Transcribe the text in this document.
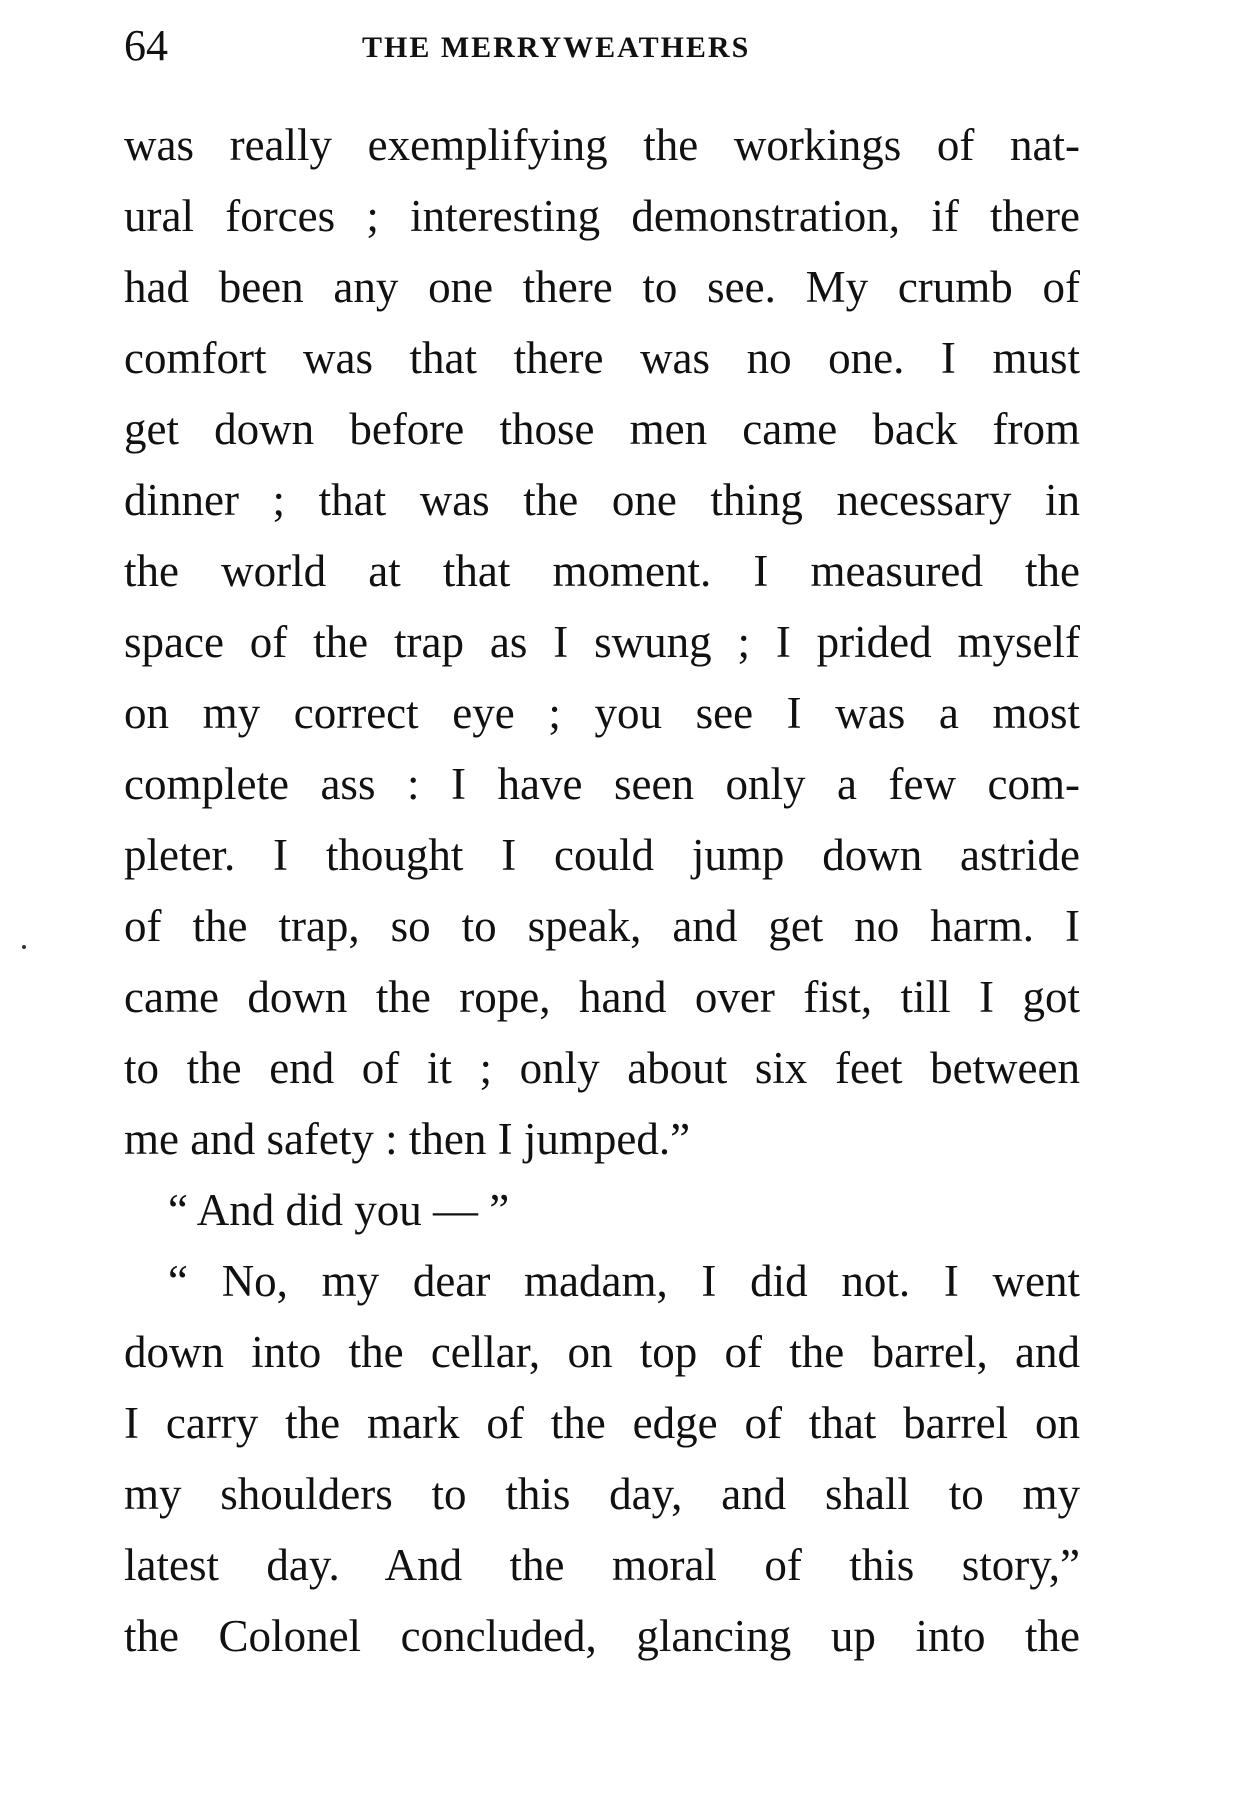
64	THE MERRYWEATHERS
was really exemplifying the workings of nat-
ural forces ; interesting demonstration, if there
had been any one there to see. My crumb of
comfort was that there was no one. I must
get down before those men came back from
dinner ; that was the one thing necessary in
the world at that moment. I measured the
space of the trap as I swung ; I prided myself
on my correct eye ; you see I was a most
complete ass : I have seen only a few com-
pleter. I thought I could jump down astride
of the trap, so to speak, and get no harm. I
came down the rope, hand over fist, till I got
to the end of it ; only about six feet between
me and safety : then I jumped.”
“ And did you — ”
“ No, my dear madam, I did not. I went
down into the cellar, on top of the barrel, and
I carry the mark of the edge of that barrel on
my shoulders to this day, and shall to my
latest day. And the moral of this story,”
the Colonel concluded, glancing up into the
